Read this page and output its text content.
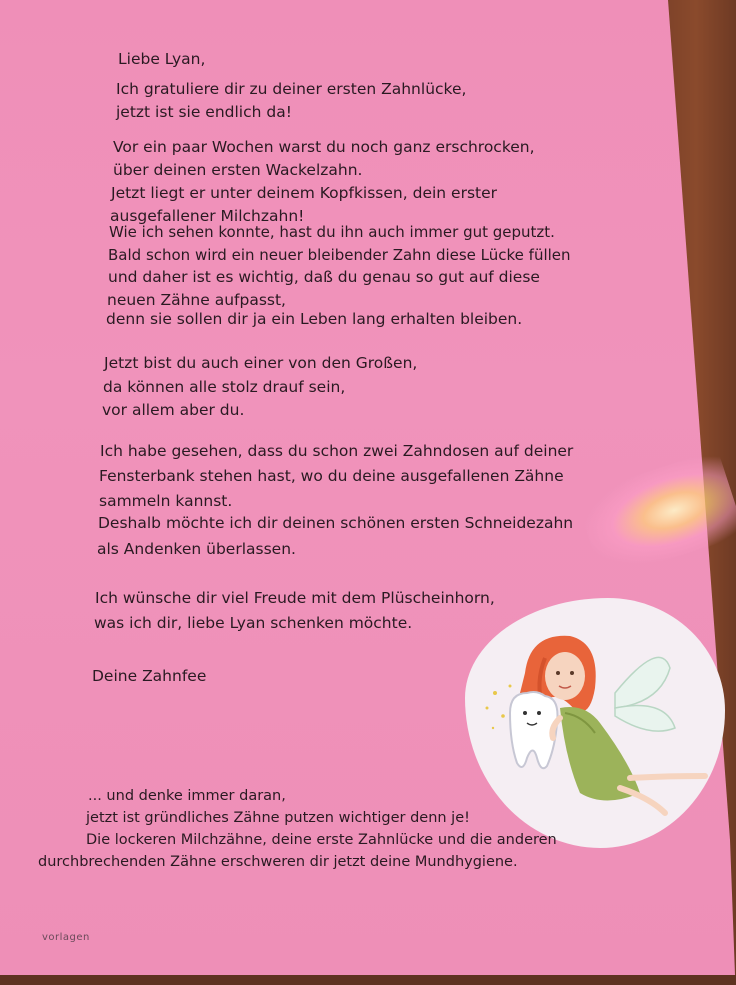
Liebe Lyan,
Ich gratuliere dir zu deiner ersten Zahnlücke,
jetzt ist sie endlich da!
Vor ein paar Wochen warst du noch ganz erschrocken,
über deinen ersten Wackelzahn.
Jetzt liegt er unter deinem Kopfkissen, dein erster
ausgefallener Milchzahn!
Wie ich sehen konnte, hast du ihn auch immer gut geputzt.
Bald schon wird ein neuer bleibender Zahn diese Lücke füllen
und daher ist es wichtig, daß du genau so gut auf diese
neuen Zähne aufpasst,
denn sie sollen dir ja ein Leben lang erhalten bleiben.
Jetzt bist du auch einer von den Großen,
da können alle stolz drauf sein,
vor allem aber du.
Ich habe gesehen, dass du schon zwei Zahndosen auf deiner
Fensterbank stehen hast, wo du deine ausgefallenen Zähne
sammeln kannst.
Deshalb möchte ich dir deinen schönen ersten Schneidezahn
als Andenken überlassen.
Ich wünsche dir viel Freude mit dem Plüscheinhorn,
was ich dir, liebe Lyan schenken möchte.
Deine Zahnfee
... und denke immer daran,
jetzt ist gründliches Zähne putzen wichtiger denn je!
Die lockeren Milchzähne, deine erste Zahnlücke und die anderen
durchbrechenden Zähne erschweren dir jetzt deine Mundhygiene.
vorlagen
